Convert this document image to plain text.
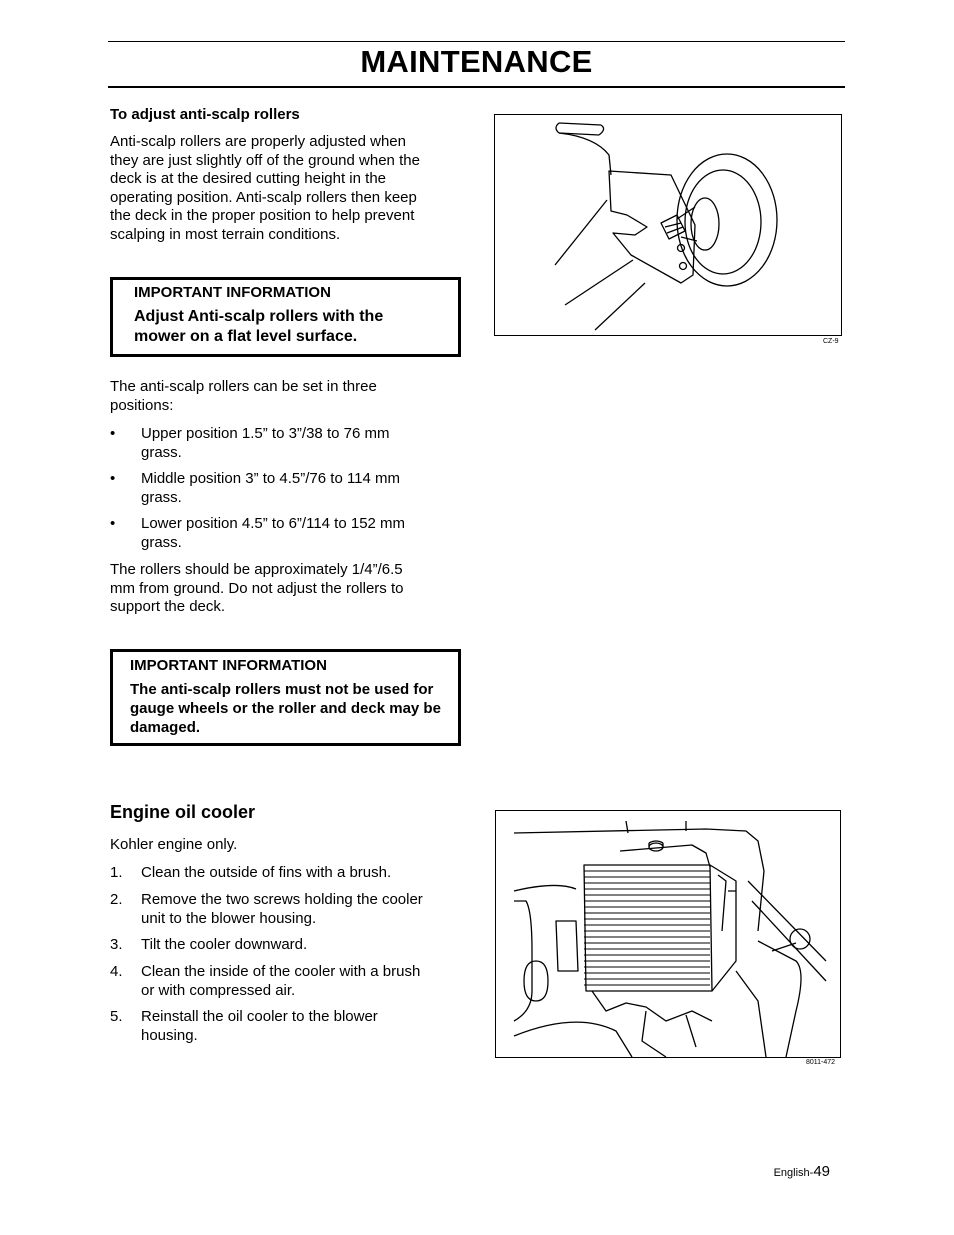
MAINTENANCE
To adjust anti-scalp rollers
Anti-scalp rollers are properly adjusted when they are just slightly off of the ground when the deck is at the desired cutting height in the operating position. Anti-scalp rollers then keep the deck in the proper position to help prevent scalping in most terrain conditions.
IMPORTANT INFORMATION
Adjust Anti-scalp rollers with the mower on a flat level surface.
The anti-scalp rollers can be set in three positions:
• Upper position 1.5” to 3”/38 to 76 mm grass.
• Middle position 3” to 4.5”/76 to 114 mm grass.
• Lower position 4.5” to 6”/114 to 152 mm grass.
The rollers should be approximately 1/4”/6.5 mm from ground. Do not adjust the rollers to support the deck.
IMPORTANT INFORMATION
The anti-scalp rollers must not be used for gauge wheels or the roller and deck may be damaged.
CZ-9
Engine oil cooler
Kohler engine only.
1. Clean the outside of fins with a brush.
2. Remove the two screws holding the cooler unit to the blower housing.
3. Tilt the cooler downward.
4. Clean the inside of the cooler with a brush or with compressed air.
5. Reinstall the oil cooler to the blower housing.
8011-472
English-49
